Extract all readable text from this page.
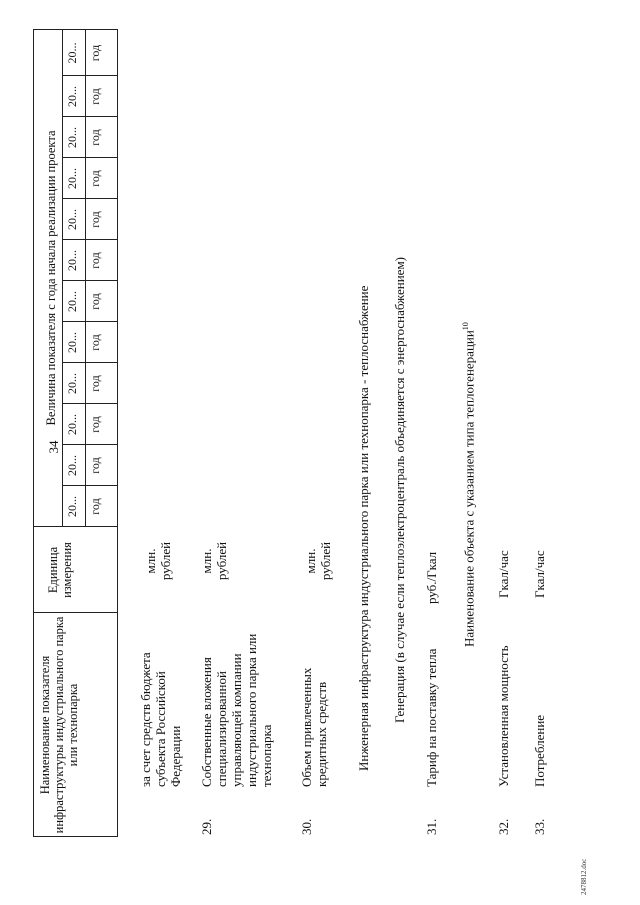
34
Наименование показателя инфраструктуры индустриального парка или технопарка
Единица измерения
Величина показателя с года начала реализации проекта
20... год
20... год
20... год
20... год
20... год
20... год
20... год
20... год
20... год
20... год
20... год
20... год
за счет средств бюджета субъекта Российской Федерации
млн. рублей
29.
Собственные вложения специализированной управляющей компании индустриального парка или технопарка
млн. рублей
30.
Объем привлеченных кредитных средств
млн. рублей Инженерная инфраструктура индустриального парка или технопарка - теплоснабжение Генерация (в случае если теплоэлектроцентраль объединяется с энергоснабжением)
31.
Тариф на поставку тепла
руб./Гкал Наименование объекта с указанием типа теплогенерации$^{10}$
32.
Установленная мощность
Гкал/час
33.
Потребление
Гкал/час
2478812.doc
